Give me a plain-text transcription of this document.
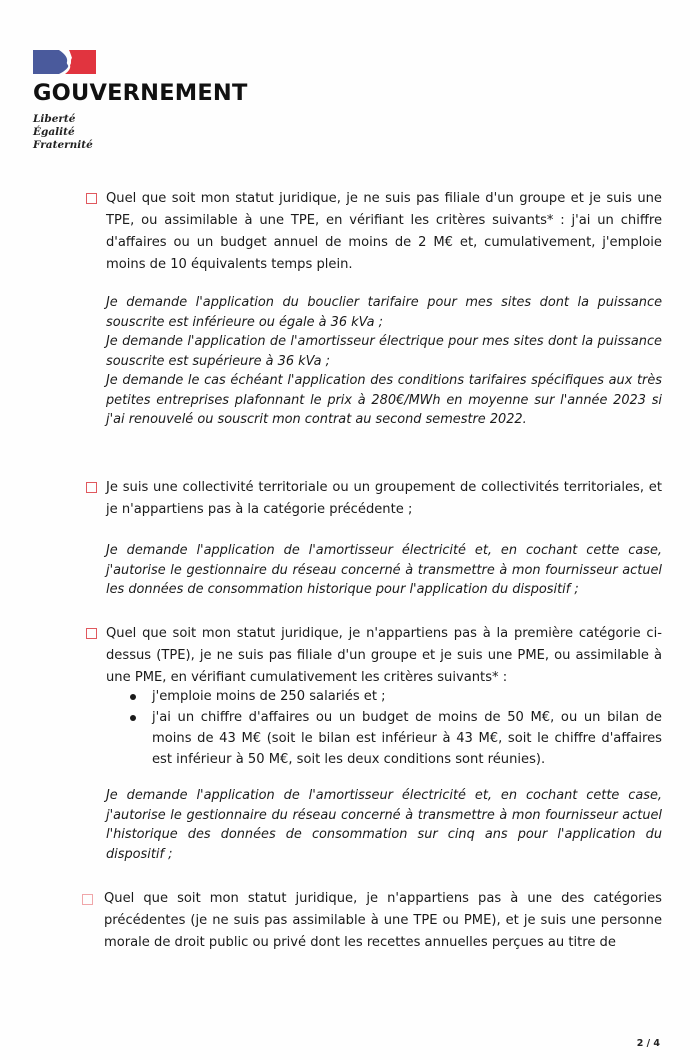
GOUVERNEMENT
Liberté
Égalité
Fraternité
Quel que soit mon statut juridique, je ne suis pas filiale d'un groupe et je suis une TPE, ou assimilable à une TPE, en vérifiant les critères suivants* : j'ai un chiffre d'affaires ou un budget annuel de moins de 2 M€ et, cumulativement, j'emploie moins de 10 équivalents temps plein.
Je demande l'application du bouclier tarifaire pour mes sites dont la puissance souscrite est inférieure ou égale à 36 kVa ;
Je demande l'application de l'amortisseur électrique pour mes sites dont la puissance souscrite est supérieure à 36 kVa ;
Je demande le cas échéant l'application des conditions tarifaires spécifiques aux très petites entreprises plafonnant le prix à 280€/MWh en moyenne sur l'année 2023 si j'ai renouvelé ou souscrit mon contrat au second semestre 2022.
Je suis une collectivité territoriale ou un groupement de collectivités territoriales, et je n'appartiens pas à la catégorie précédente ;
Je demande l'application de l'amortisseur électricité et, en cochant cette case, j'autorise le gestionnaire du réseau concerné à transmettre à mon fournisseur actuel les données de consommation historique pour l'application du dispositif ;
Quel que soit mon statut juridique, je n'appartiens pas à la première catégorie ci-dessus (TPE), je ne suis pas filiale d'un groupe et je suis une PME, ou assimilable à une PME, en vérifiant cumulativement les critères suivants* :
j'emploie moins de 250 salariés et ;
j'ai un chiffre d'affaires ou un budget de moins de 50 M€, ou un bilan de moins de 43 M€ (soit le bilan est inférieur à 43 M€, soit le chiffre d'affaires est inférieur à 50 M€, soit les deux conditions sont réunies).
Je demande l'application de l'amortisseur électricité et, en cochant cette case, j'autorise le gestionnaire du réseau concerné à transmettre à mon fournisseur actuel l'historique des données de consommation sur cinq ans pour l'application du dispositif ;
Quel que soit mon statut juridique, je n'appartiens pas à une des catégories précédentes (je ne suis pas assimilable à une TPE ou PME), et je suis une personne morale de droit public ou privé dont les recettes annuelles perçues au titre de
2 / 4
